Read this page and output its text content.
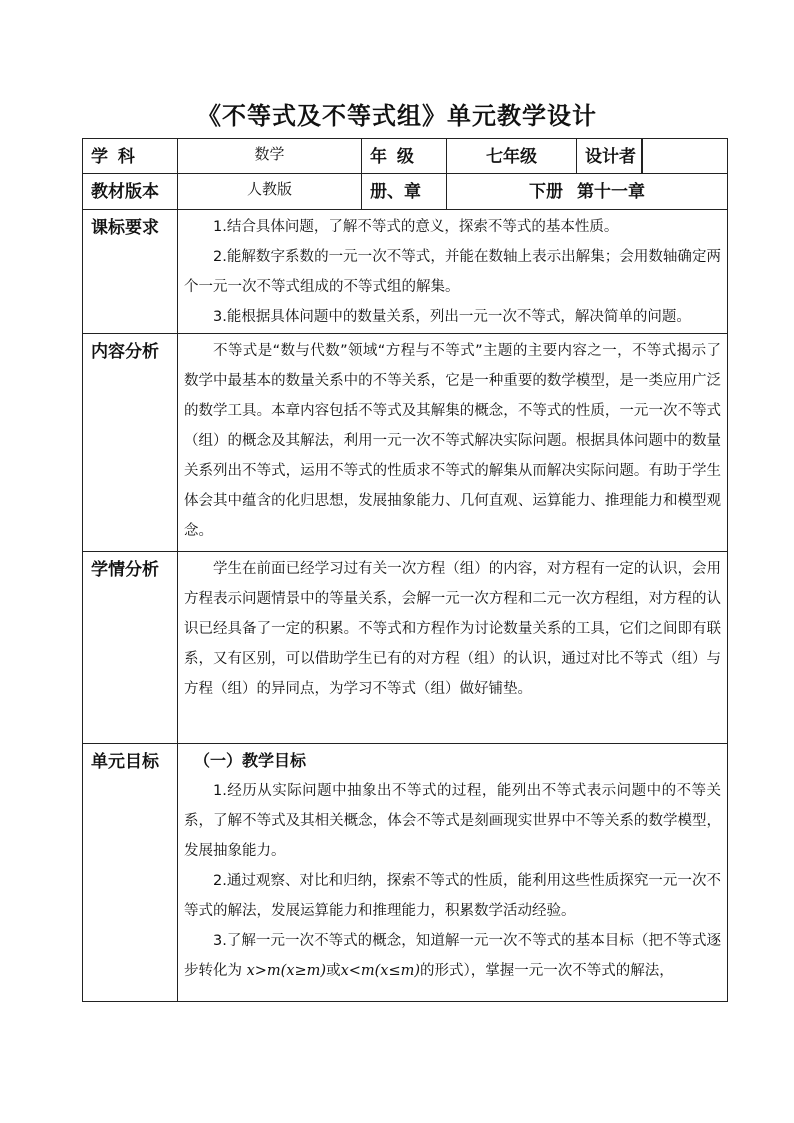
《不等式及不等式组》单元教学设计
学 科	数学	年 级	七年级	设计者	

教材版本	人教版	册、章	下册 第十一章		
课标要求	1.结合具体问题，了解不等式的意义，探索不等式的基本性质。

2.能解数字系数的一元一次不等式，并能在数轴上表示出解集；会用数轴确定两个一元一次不等式组成的不等式组的解集。

3.能根据具体问题中的数量关系，列出一元一次不等式，解决简单的问题。				

内容分析	不等式是“数与代数”领域“方程与不等式”主题的主要内容之一，不等式揭示了数学中最基本的数量关系中的不等关系，它是一种重要的数学模型，是一类应用广泛的数学工具。本章内容包括不等式及其解集的概念，不等式的性质，一元一次不等式（组）的概念及其解法，利用一元一次不等式解决实际问题。根据具体问题中的数量关系列出不等式，运用不等式的性质求不等式的解集从而解决实际问题。有助于学生体会其中蕴含的化归思想，发展抽象能力、几何直观、运算能力、推理能力和模型观念。				

学情分析	学生在前面已经学习过有关一次方程（组）的内容，对方程有一定的认识，会用方程表示问题情景中的等量关系，会解一元一次方程和二元一次方程组，对方程的认识已经具备了一定的积累。不等式和方程作为讨论数量关系的工具，它们之间即有联系，又有区别，可以借助学生已有的对方程（组）的认识，通过对比不等式（组）与方程（组）的异同点，为学习不等式（组）做好铺垫。				

单元目标	（一）教学目标

1.经历从实际问题中抽象出不等式的过程，能列出不等式表示问题中的不等关系，了解不等式及其相关概念，体会不等式是刻画现实世界中不等关系的数学模型，发展抽象能力。

2.通过观察、对比和归纳，探索不等式的性质，能利用这些性质探究一元一次不等式的解法，发展运算能力和推理能力，积累数学活动经验。

3.了解一元一次不等式的概念，知道解一元一次不等式的基本目标（把不等式逐步转化为 x>m(x≥m)或x<m(x≤m)的形式），掌握一元一次不等式的解法，				
